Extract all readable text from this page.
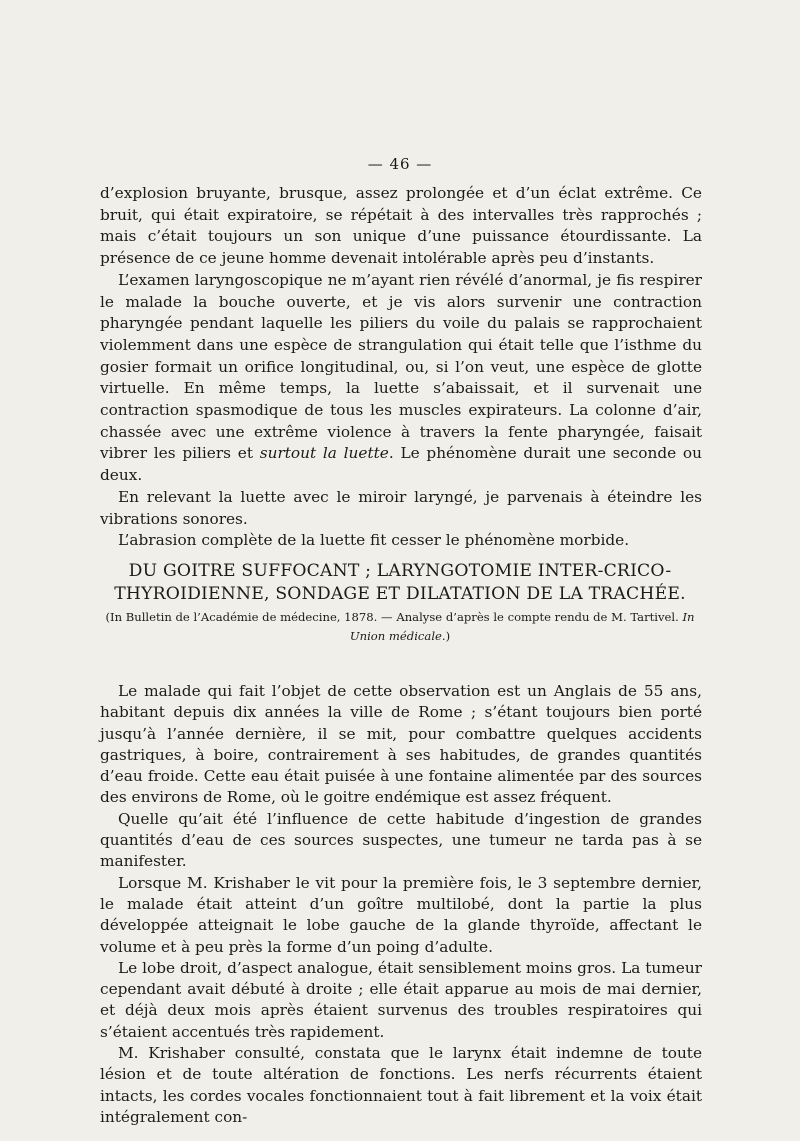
— 46 —

d’explosion bruyante, brusque, assez prolongée et d’un éclat extrême. Ce bruit, qui était expiratoire, se répétait à des intervalles très rapprochés ; mais c’était toujours un son unique d’une puissance étourdissante. La présence de ce jeune homme devenait intolérable après peu d’instants.

L’examen laryngoscopique ne m’ayant rien révélé d’anormal, je fis respirer le malade la bouche ouverte, et je vis alors survenir une contraction pharyngée pendant laquelle les piliers du voile du palais se rapprochaient violemment dans une espèce de strangulation qui était telle que l’isthme du gosier formait un orifice longitudinal, ou, si l’on veut, une espèce de glotte virtuelle. En même temps, la luette s’abaissait, et il survenait une contraction spasmodique de tous les muscles expirateurs. La colonne d’air, chassée avec une extrême violence à travers la fente pharyngée, faisait vibrer les piliers et surtout la luette. Le phénomène durait une seconde ou deux.

En relevant la luette avec le miroir laryngé, je parvenais à éteindre les vibrations sonores.

L’abrasion complète de la luette fit cesser le phénomène morbide.

DU GOITRE SUFFOCANT ; LARYNGOTOMIE INTER-CRICO-THYROIDIENNE, SONDAGE ET DILATATION DE LA TRACHÉE.
(In Bulletin de l’Académie de médecine, 1878. — Analyse d’après le compte rendu de M. Tartivel. In Union médicale.)

Le malade qui fait l’objet de cette observation est un Anglais de 55 ans, habitant depuis dix années la ville de Rome ; s’étant toujours bien porté jusqu’à l’année dernière, il se mit, pour combattre quelques accidents gastriques, à boire, contrairement à ses habitudes, de grandes quantités d’eau froide. Cette eau était puisée à une fontaine alimentée par des sources des environs de Rome, où le goitre endémique est assez fréquent.

Quelle qu’ait été l’influence de cette habitude d’ingestion de grandes quantités d’eau de ces sources suspectes, une tumeur ne tarda pas à se manifester.

Lorsque M. Krishaber le vit pour la première fois, le 3 septembre dernier, le malade était atteint d’un goître multilobé, dont la partie la plus développée atteignait le lobe gauche de la glande thyroïde, affectant le volume et à peu près la forme d’un poing d’adulte.

Le lobe droit, d’aspect analogue, était sensiblement moins gros. La tumeur cependant avait débuté à droite ; elle était apparue au mois de mai dernier, et déjà deux mois après étaient survenus des troubles respiratoires qui s’étaient accentués très rapidement.

M. Krishaber consulté, constata que le larynx était indemne de toute lésion et de toute altération de fonctions. Les nerfs récurrents étaient intacts, les cordes vocales fonctionnaient tout à fait librement et la voix était intégralement con-
